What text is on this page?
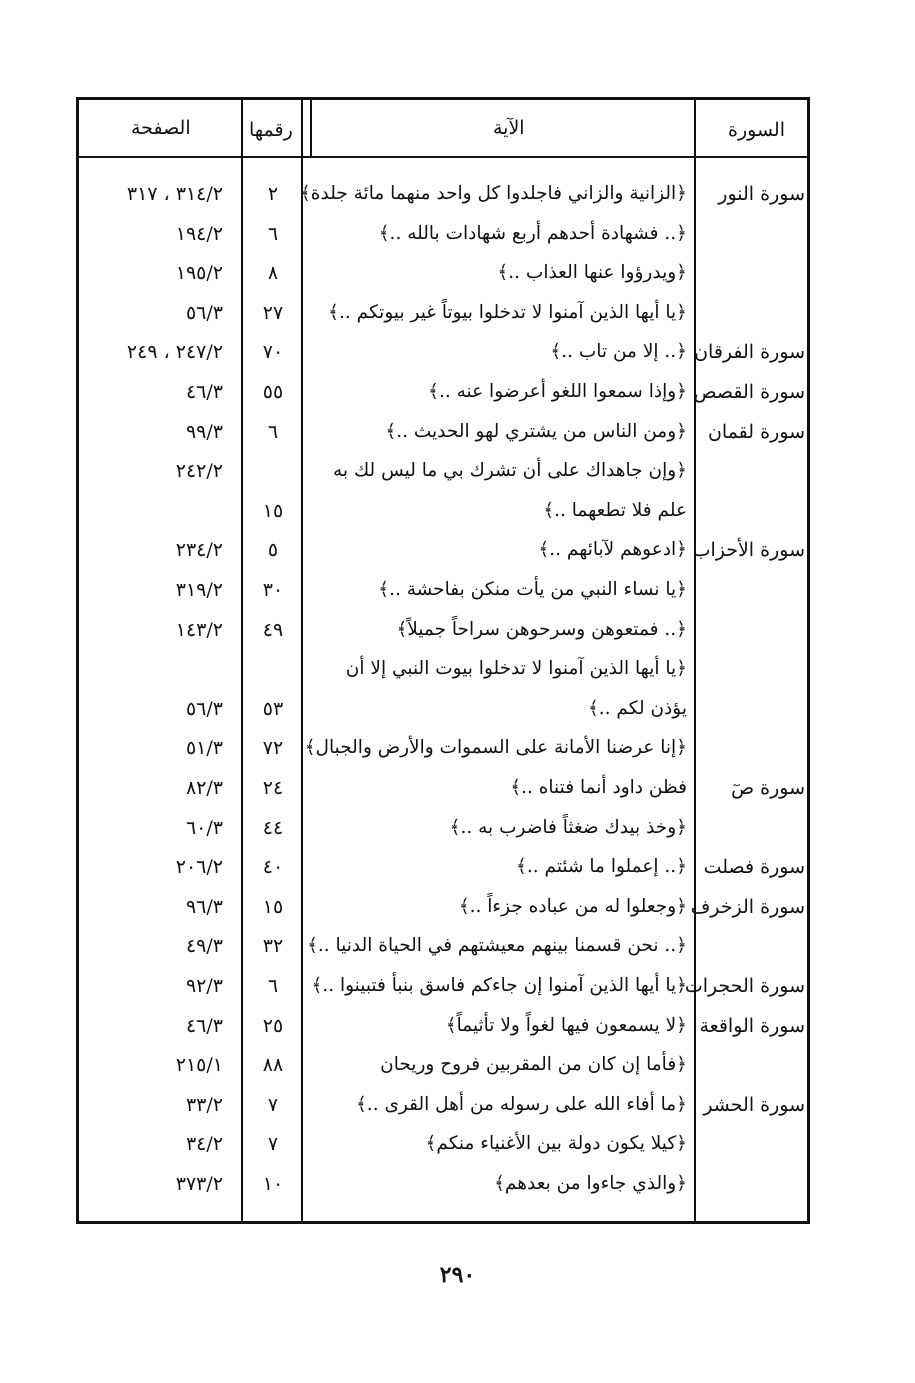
السورة
الآية
رقمها
الصفحة
سورة النور
﴿الزانية والزاني فاجلدوا كل واحد منهما مائة جلدة﴾
٢
٣١٤/٢ ، ٣١٧
﴿.. فشهادة أحدهم أربع شهادات بالله ..﴾
٦
١٩٤/٢
﴿ويدرؤوا عنها العذاب ..﴾
٨
١٩٥/٢
﴿يا أيها الذين آمنوا لا تدخلوا بيوتاً غير بيوتكم ..﴾
٢٧
٥٦/٣
سورة الفرقان
﴿.. إلا من تاب ..﴾
٧٠
٢٤٧/٢ ، ٢٤٩
سورة القصص
﴿وإذا سمعوا اللغو أعرضوا عنه ..﴾
٥٥
٤٦/٣
سورة لقمان
﴿ومن الناس من يشتري لهو الحديث ..﴾
٦
٩٩/٣
﴿وإن جاهداك على أن تشرك بي ما ليس لك به
٢٤٢/٢
علم فلا تطعهما ..﴾
١٥
سورة الأحزاب
﴿ادعوهم لآبائهم ..﴾
٥
٢٣٤/٢
﴿يا نساء النبي من يأت منكن بفاحشة ..﴾
٣٠
٣١٩/٢
﴿.. فمتعوهن وسرحوهن سراحاً جميلاً﴾
٤٩
١٤٣/٢
﴿يا أيها الذين آمنوا لا تدخلوا بيوت النبي إلا أن
يؤذن لكم ..﴾
٥٣
٥٦/٣
﴿إنا عرضنا الأمانة على السموات والأرض والجبال﴾
٧٢
٥١/٣
سورة صٓ
فظن داود أنما فتناه ..﴾
٢٤
٨٢/٣
﴿وخذ بيدك ضغثاً فاضرب به ..﴾
٤٤
٦٠/٣
سورة فصلت
﴿.. إعملوا ما شئتم ..﴾
٤٠
٢٠٦/٢
سورة الزخرف
﴿وجعلوا له من عباده جزءاً ..﴾
١٥
٩٦/٣
﴿.. نحن قسمنا بينهم معيشتهم في الحياة الدنيا ..﴾
٣٢
٤٩/٣
سورة الحجرات
﴿يا أيها الذين آمنوا إن جاءكم فاسق بنبأ فتبينوا ..﴾
٦
٩٢/٣
سورة الواقعة
﴿لا يسمعون فيها لغواً ولا تأثيماً﴾
٢٥
٤٦/٣
﴿فأما إن كان من المقربين فروح وريحان
٨٨
٢١٥/١
سورة الحشر
﴿ما أفاء الله على رسوله من أهل القرى ..﴾
٧
٣٣/٢
﴿كيلا يكون دولة بين الأغنياء منكم﴾
٧
٣٤/٢
﴿والذي جاءوا من بعدهم﴾
١٠
٣٧٣/٢
٢٩٠
